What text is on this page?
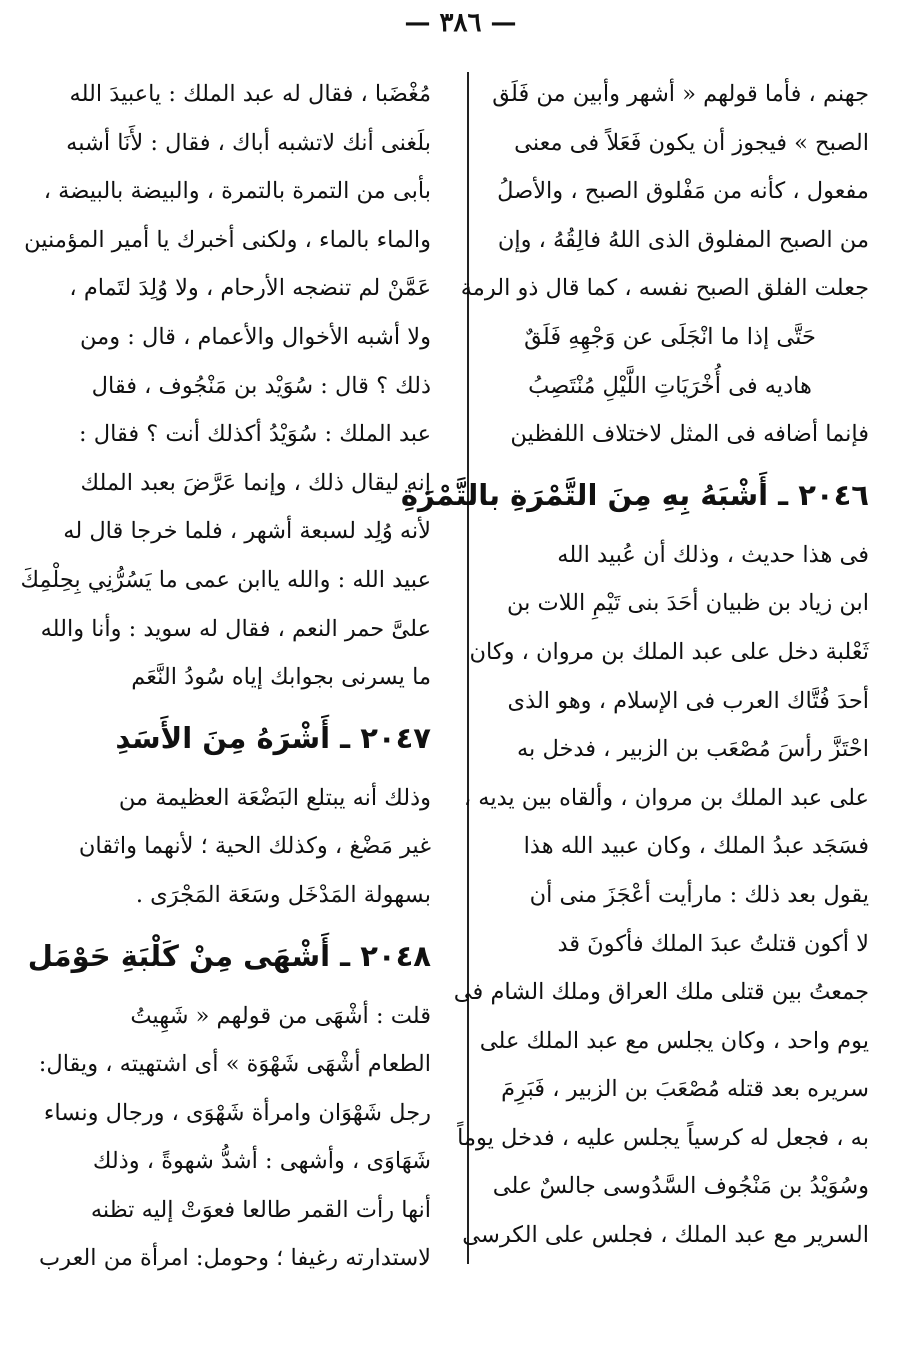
— ٣٨٦ —
جهنم ، فأما قولهم « أشهر وأبين من فَلَق
الصبح » فيجوز أن يكون فَعَلاً فى معنى
مفعول ، كأنه من مَفْلوق الصبح ، والأصلُ
من الصبح المفلوق الذى اللهُ فالِقُهُ ، وإن
جعلت الفلق الصبح نفسه ، كما قال ذو الرمة
حَتَّى إذا ما انْجَلَى عن وَجْهِهِ فَلَقٌ
هاديه فى أُخْرَيَاتِ اللَّيْلِ مُنْتَصِبُ
فإنما أضافه فى المثل لاختلاف اللفظين
٢٠٤٦ ـ أَشْبَهُ بِهِ مِنَ التَّمْرَةِ بالتَّمْرَةِ
فى هذا حديث ، وذلك أن عُبيد الله
ابن زياد بن ظبيان أحَدَ بنى تَيْمِ اللات بن
ثَعْلبة دخل على عبد الملك بن مروان ، وكان
أحدَ فُتَّاك العرب فى الإسلام ، وهو الذى
احْتَزَّ رأسَ مُصْعَب بن الزبير ، فدخل به
على عبد الملك بن مروان ، وألقاه بين يديه ،
فسَجَد عبدُ الملك ، وكان عبيد الله هذا
يقول بعد ذلك : مارأيت أعْجَزَ منى أن
لا أكون قتلتُ عبدَ الملك فأكونَ قد
جمعتُ بين قتلى ملك العراق وملك الشام فى
يوم واحد ، وكان يجلس مع عبد الملك على
سريره بعد قتله مُصْعَبَ بن الزبير ، فَبَرِمَ
به ، فجعل له كرسياً يجلس عليه ، فدخل يوماً
وسُوَيْدُ بن مَنْجُوف السَّدُوسى جالسٌ على
السرير مع عبد الملك ، فجلس على الكرسى
مُغْضَبا ، فقال له عبد الملك : ياعبيدَ الله
بلَغنى أنك لاتشبه أباك ، فقال : لأَنَا أشبه
بأبى من التمرة بالتمرة ، والبيضة بالبيضة ،
والماء بالماء ، ولكنى أخبرك يا أمير المؤمنين
عَمَّنْ لم تنضجه الأرحام ، ولا وُلِدَ لتَمام ،
ولا أشبه الأخوال والأعمام ، قال : ومن
ذلك ؟ قال : سُوَيْد بن مَنْجُوف ، فقال
عبد الملك : سُوَيْدُ أكذلك أنت ؟ فقال :
إنه ليقال ذلك ، وإنما عَرَّضَ بعبد الملك
لأنه وُلِد لسبعة أشهر ، فلما خرجا قال له
عبيد الله : والله ياابن عمى ما يَسُرُّنِي بِحِلْمِكَ
علىَّ حمر النعم ، فقال له سويد : وأنا والله
ما يسرنى بجوابك إياه سُودُ النَّعَم
٢٠٤٧ ـ أَشْرَهُ مِنَ الأَسَدِ
وذلك أنه يبتلع البَضْعَة العظيمة من
غير مَضْغ ، وكذلك الحية ؛ لأنهما واثقان
بسهولة المَدْخَل وسَعَة المَجْرَى .
٢٠٤٨ ـ أَشْهَى مِنْ كَلْبَةِ حَوْمَل
قلت : أشْهَى من قولهم « شَهِيتُ
الطعام أشْهَى شَهْوَة » أى اشتهيته ، ويقال:
رجل شَهْوَان وامرأة شَهْوَى ، ورجال ونساء
شَهَاوَى ، وأشهى : أشدُّ شهوةً ، وذلك
أنها رأت القمر طالعا فعوَتْ إليه تظنه
لاستدارته رغيفا ؛ وحومل: امرأة من العرب
